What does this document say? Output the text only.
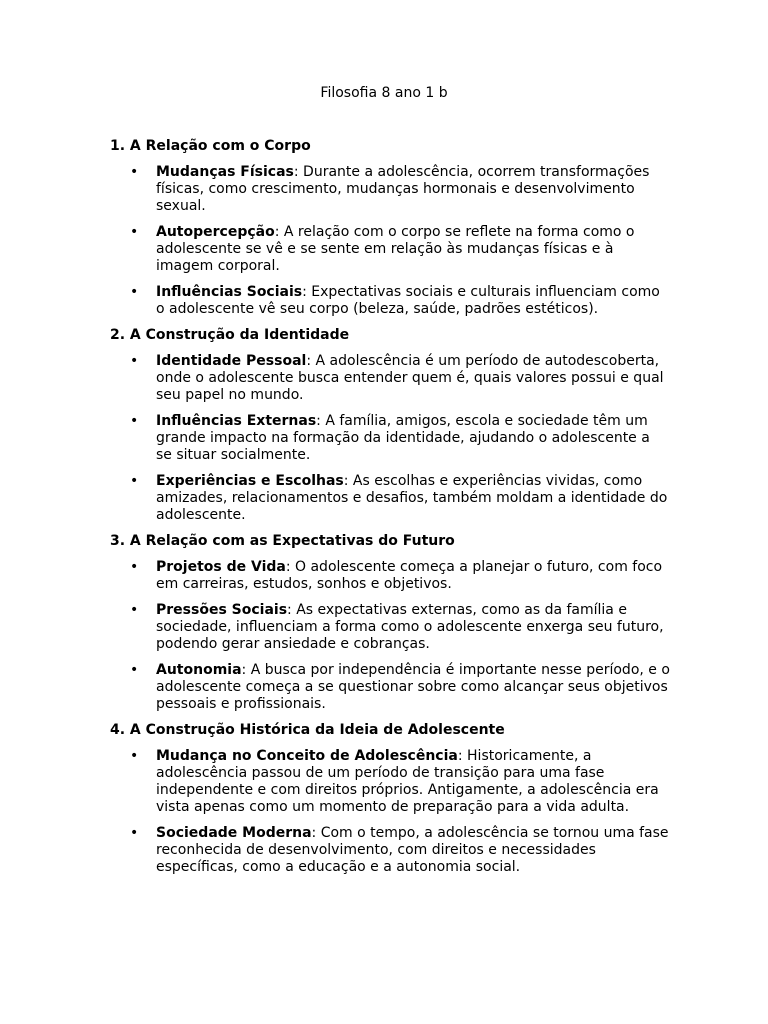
Filosofia 8 ano 1 b
1. A Relação com o Corpo
• Mudanças Físicas: Durante a adolescência, ocorrem transformações físicas, como crescimento, mudanças hormonais e desenvolvimento sexual.
• Autopercepção: A relação com o corpo se reflete na forma como o adolescente se vê e se sente em relação às mudanças físicas e à imagem corporal.
• Influências Sociais: Expectativas sociais e culturais influenciam como o adolescente vê seu corpo (beleza, saúde, padrões estéticos).
2. A Construção da Identidade
• Identidade Pessoal: A adolescência é um período de autodescoberta, onde o adolescente busca entender quem é, quais valores possui e qual seu papel no mundo.
• Influências Externas: A família, amigos, escola e sociedade têm um grande impacto na formação da identidade, ajudando o adolescente a se situar socialmente.
• Experiências e Escolhas: As escolhas e experiências vividas, como amizades, relacionamentos e desafios, também moldam a identidade do adolescente.
3. A Relação com as Expectativas do Futuro
• Projetos de Vida: O adolescente começa a planejar o futuro, com foco em carreiras, estudos, sonhos e objetivos.
• Pressões Sociais: As expectativas externas, como as da família e sociedade, influenciam a forma como o adolescente enxerga seu futuro, podendo gerar ansiedade e cobranças.
• Autonomia: A busca por independência é importante nesse período, e o adolescente começa a se questionar sobre como alcançar seus objetivos pessoais e profissionais.
4. A Construção Histórica da Ideia de Adolescente
• Mudança no Conceito de Adolescência: Historicamente, a adolescência passou de um período de transição para uma fase independente e com direitos próprios. Antigamente, a adolescência era vista apenas como um momento de preparação para a vida adulta.
• Sociedade Moderna: Com o tempo, a adolescência se tornou uma fase reconhecida de desenvolvimento, com direitos e necessidades específicas, como a educação e a autonomia social.
